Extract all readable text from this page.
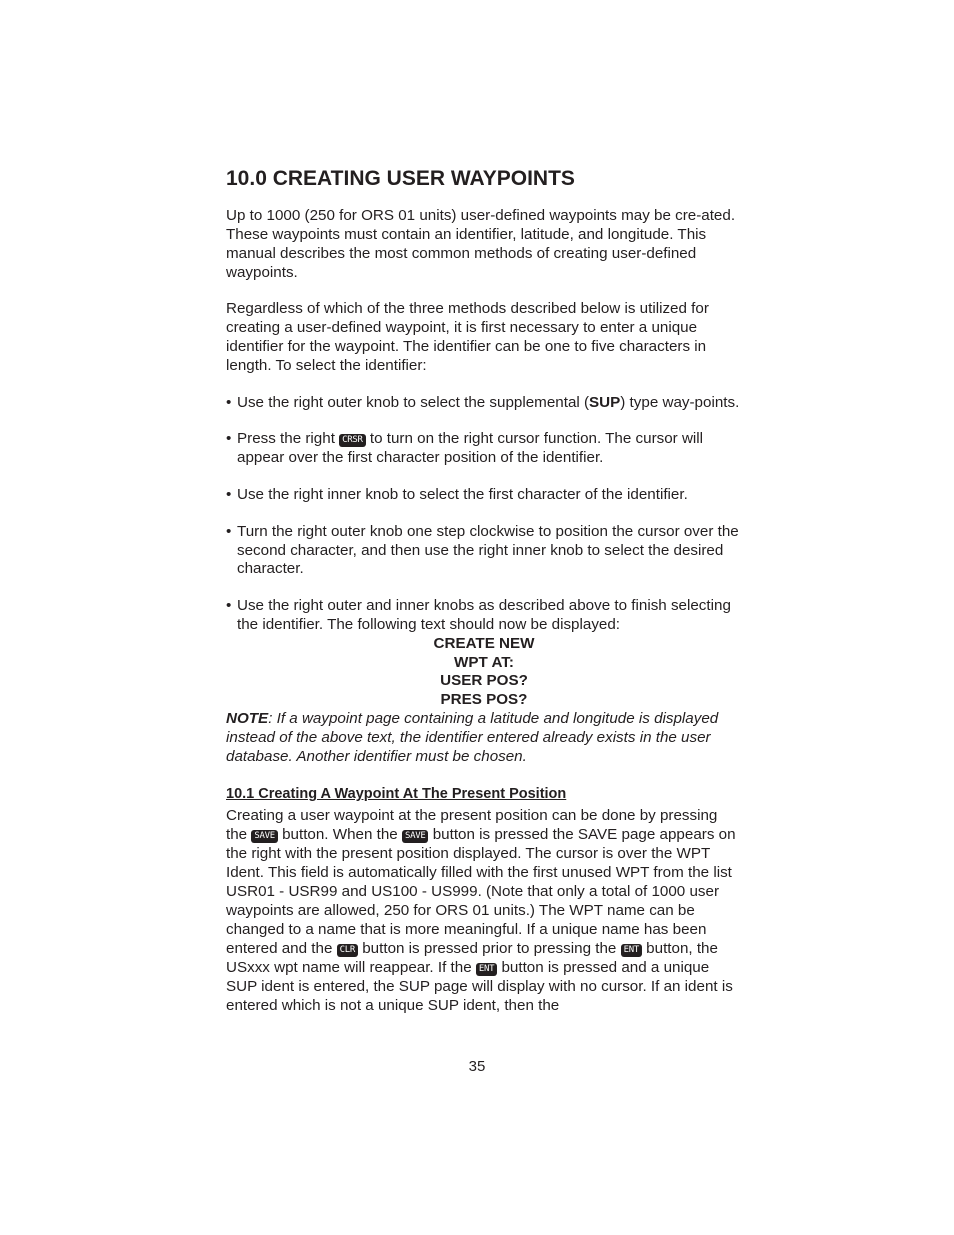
10.0 CREATING USER WAYPOINTS

Up to 1000 (250 for ORS 01 units) user-defined waypoints may be cre-ated. These waypoints must contain an identifier, latitude, and longitude. This manual describes the most common methods of creating user-defined waypoints.

Regardless of which of the three methods described below is utilized for creating a user-defined waypoint, it is first necessary to enter a unique identifier for the waypoint. The identifier can be one to five characters in length. To select the identifier:

• Use the right outer knob to select the supplemental (SUP) type way-points.
• Press the right CRSR to turn on the right cursor function. The cursor will appear over the first character position of the identifier.
• Use the right inner knob to select the first character of the identifier.
• Turn the right outer knob one step clockwise to position the cursor over the second character, and then use the right inner knob to select the desired character.
• Use the right outer and inner knobs as described above to finish selecting the identifier. The following text should now be displayed:
CREATE NEW
WPT AT:
USER POS?
PRES POS?

NOTE: If a waypoint page containing a latitude and longitude is displayed instead of the above text, the identifier entered already exists in the user database. Another identifier must be chosen.

10.1 Creating A Waypoint At The Present Position

Creating a user waypoint at the present position can be done by pressing the SAVE button. When the SAVE button is pressed the SAVE page appears on the right with the present position displayed. The cursor is over the WPT Ident. This field is automatically filled with the first unused WPT from the list USR01 - USR99 and US100 - US999. (Note that only a total of 1000 user waypoints are allowed, 250 for ORS 01 units.) The WPT name can be changed to a name that is more meaningful. If a unique name has been entered and the CLR button is pressed prior to pressing the ENT button, the USxxx wpt name will reappear. If the ENT button is pressed and a unique SUP ident is entered, the SUP page will display with no cursor. If an ident is entered which is not a unique SUP ident, then the

35
